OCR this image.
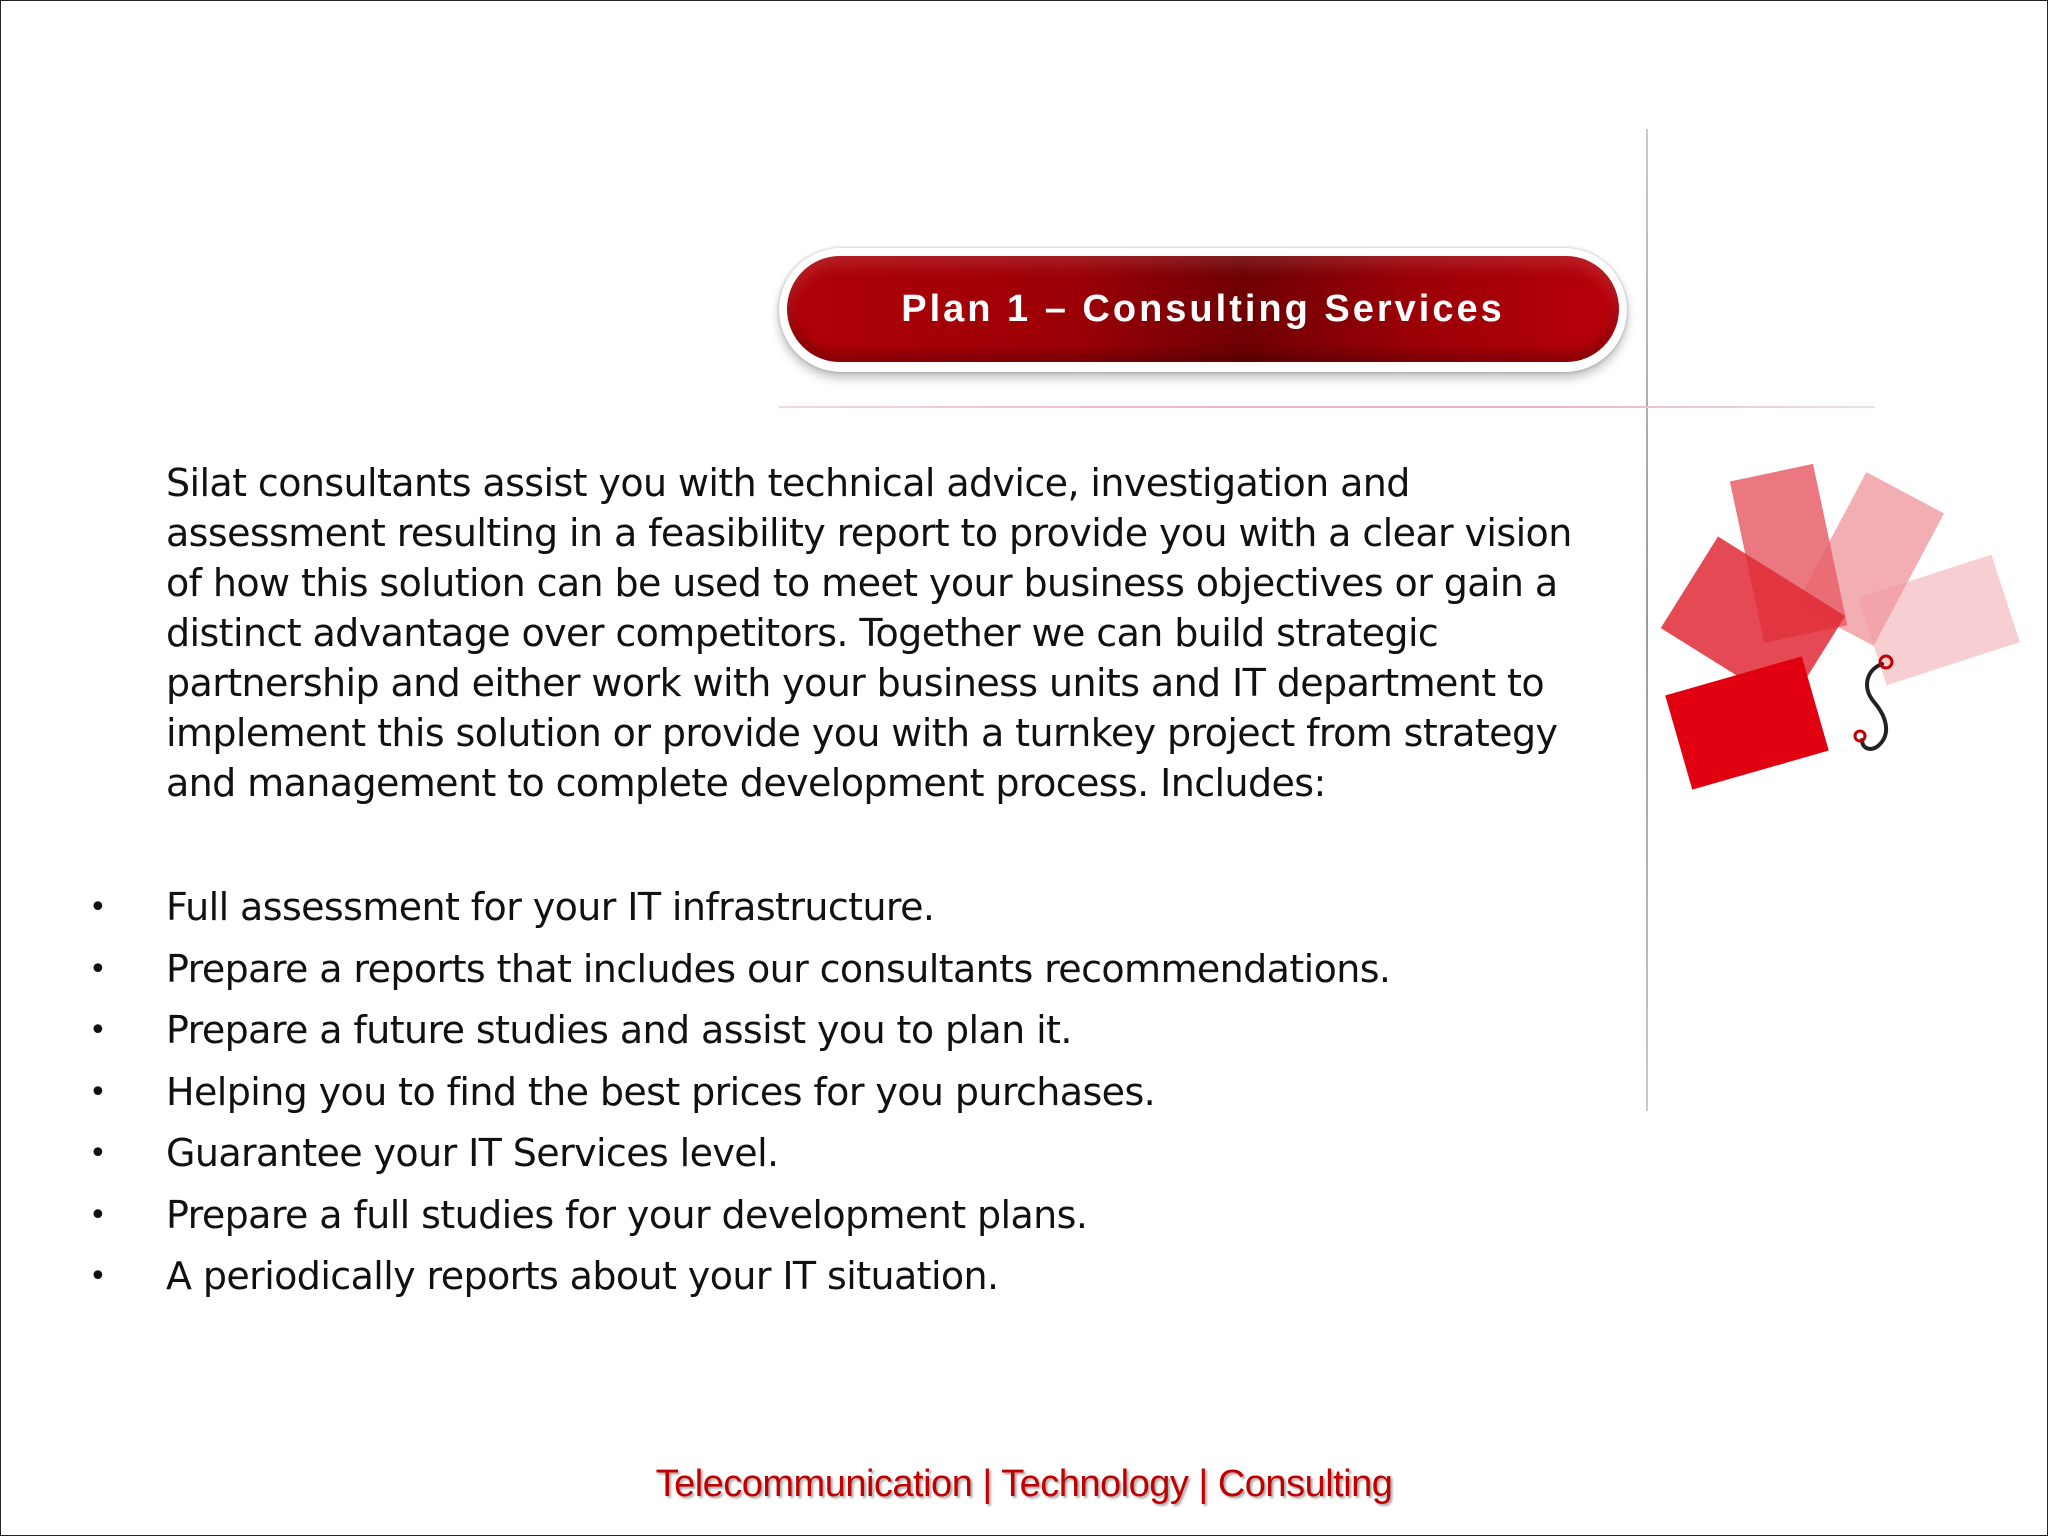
Plan 1 – Consulting Services

Silat consultants assist you with technical advice, investigation and assessment resulting in a feasibility report to provide you with a clear vision of how this solution can be used to meet your business objectives or gain a distinct advantage over competitors. Together we can build strategic partnership and either work with your business units and IT department to implement this solution or provide you with a turnkey project from strategy and management to complete development process. Includes:

• Full assessment for your IT infrastructure.
• Prepare a reports that includes our consultants recommendations.
• Prepare a future studies and assist you to plan it.
• Helping you to find the best prices for you purchases.
• Guarantee your IT Services level.
• Prepare a full studies for your development plans.
• A periodically reports about your IT situation.
Telecommunication | Technology | Consulting
